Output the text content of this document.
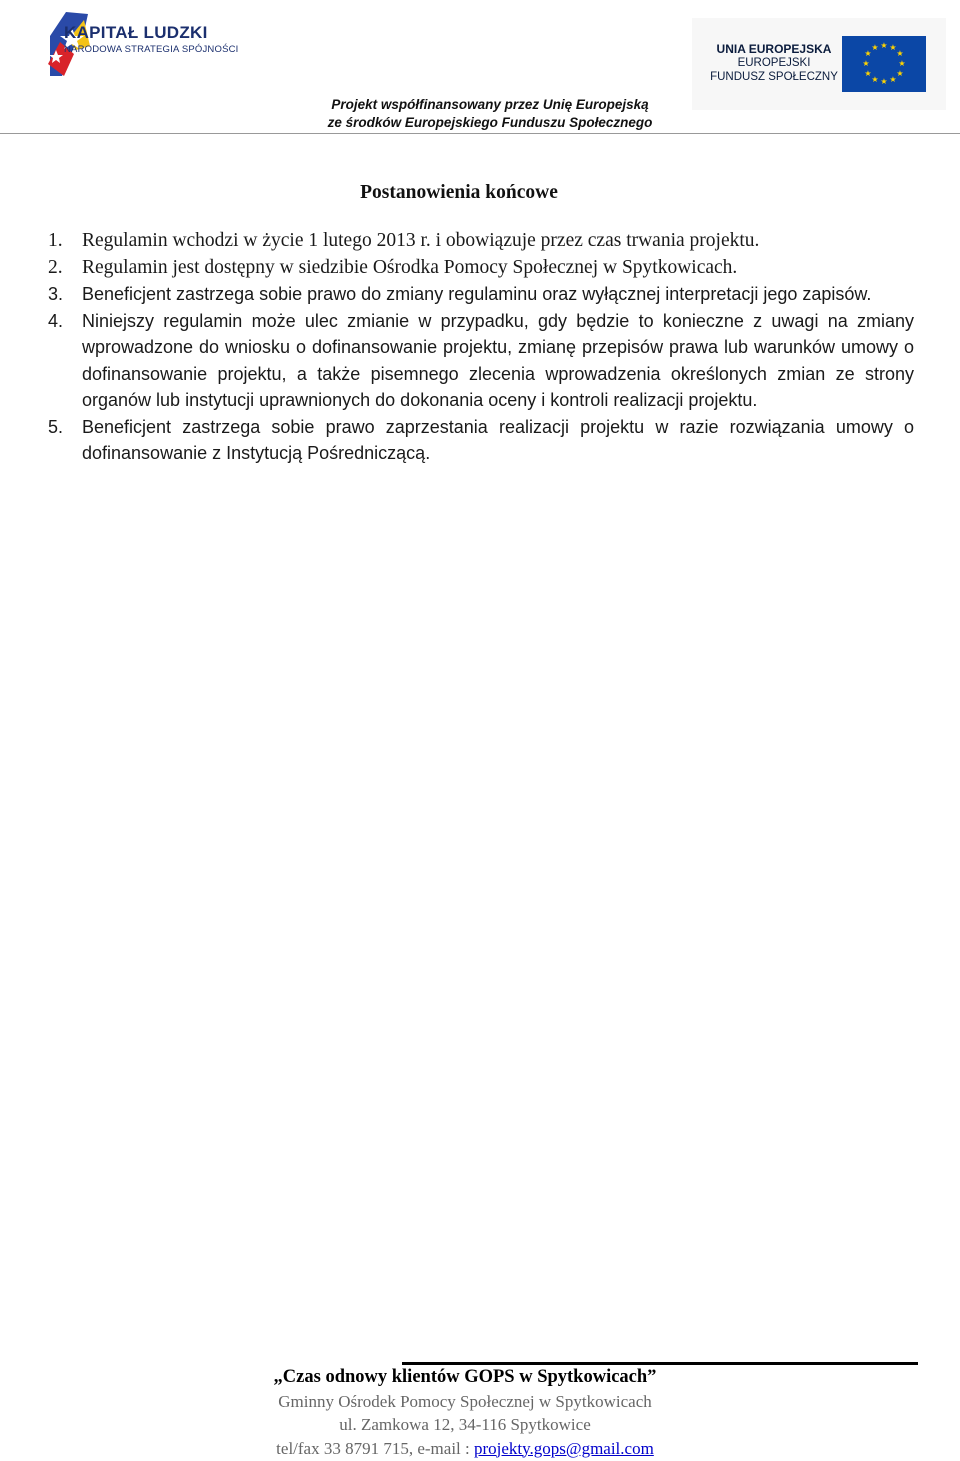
KAPITAŁ LUDZKI
NARODOWA STRATEGIA SPÓJNOŚCI	UNIA EUROPEJSKA
EUROPEJSKI
FUNDUSZ SPOŁECZNY
★ ★
★
★
★
★
★
★
★
★
★
★
Projekt współfinansowany przez Unię Europejską
ze środków Europejskiego Funduszu Społecznego
Postanowienia końcowe
1. Regulamin wchodzi w życie 1 lutego 2013 r. i obowiązuje przez czas trwania projektu.
2. Regulamin jest dostępny w siedzibie Ośrodka Pomocy Społecznej w Spytkowicach.
3. Beneficjent zastrzega sobie prawo do zmiany regulaminu oraz wyłącznej interpretacji jego zapisów.
4. Niniejszy regulamin może ulec zmianie w przypadku, gdy będzie to konieczne z uwagi na zmiany wprowadzone do wniosku o dofinansowanie projektu, zmianę przepisów prawa lub warunków umowy o dofinansowanie projektu, a także pisemnego zlecenia wprowadzenia określonych zmian ze strony organów lub instytucji uprawnionych do dokonania oceny i kontroli realizacji projektu.
5. Beneficjent zastrzega sobie prawo zaprzestania realizacji projektu w razie rozwiązania umowy o dofinansowanie z Instytucją Pośredniczącą.
„Czas odnowy klientów GOPS w Spytkowicach”
Gminny Ośrodek Pomocy Społecznej w Spytkowicach
ul. Zamkowa 12, 34-116 Spytkowice
tel/fax 33 8791 715, e-mail : projekty.gops@gmail.com
